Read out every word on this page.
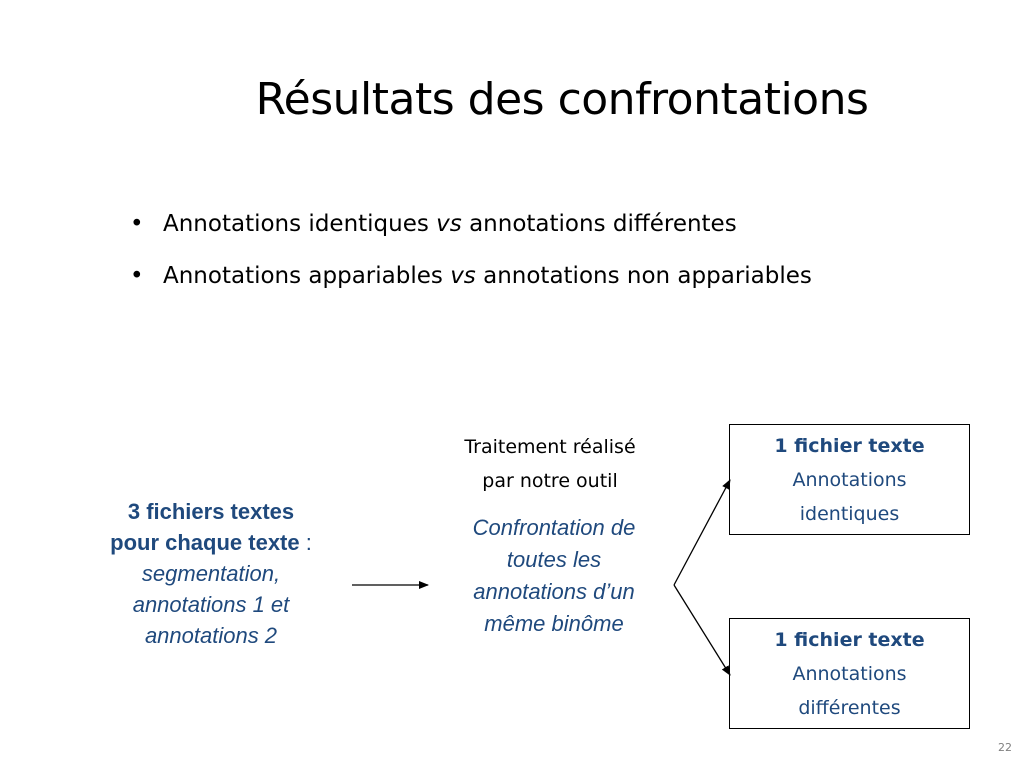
Résultats des confrontations
• Annotations identiques vs annotations différentes
• Annotations appariables vs annotations non appariables
3 fichiers textes
pour chaque texte :
segmentation,
annotations 1 et
annotations 2
Traitement réalisé
par notre outil
Confrontation de
toutes les
annotations d’un
même binôme
1 fichier texte
Annotations
identiques
1 fichier texte
Annotations
différentes
22
